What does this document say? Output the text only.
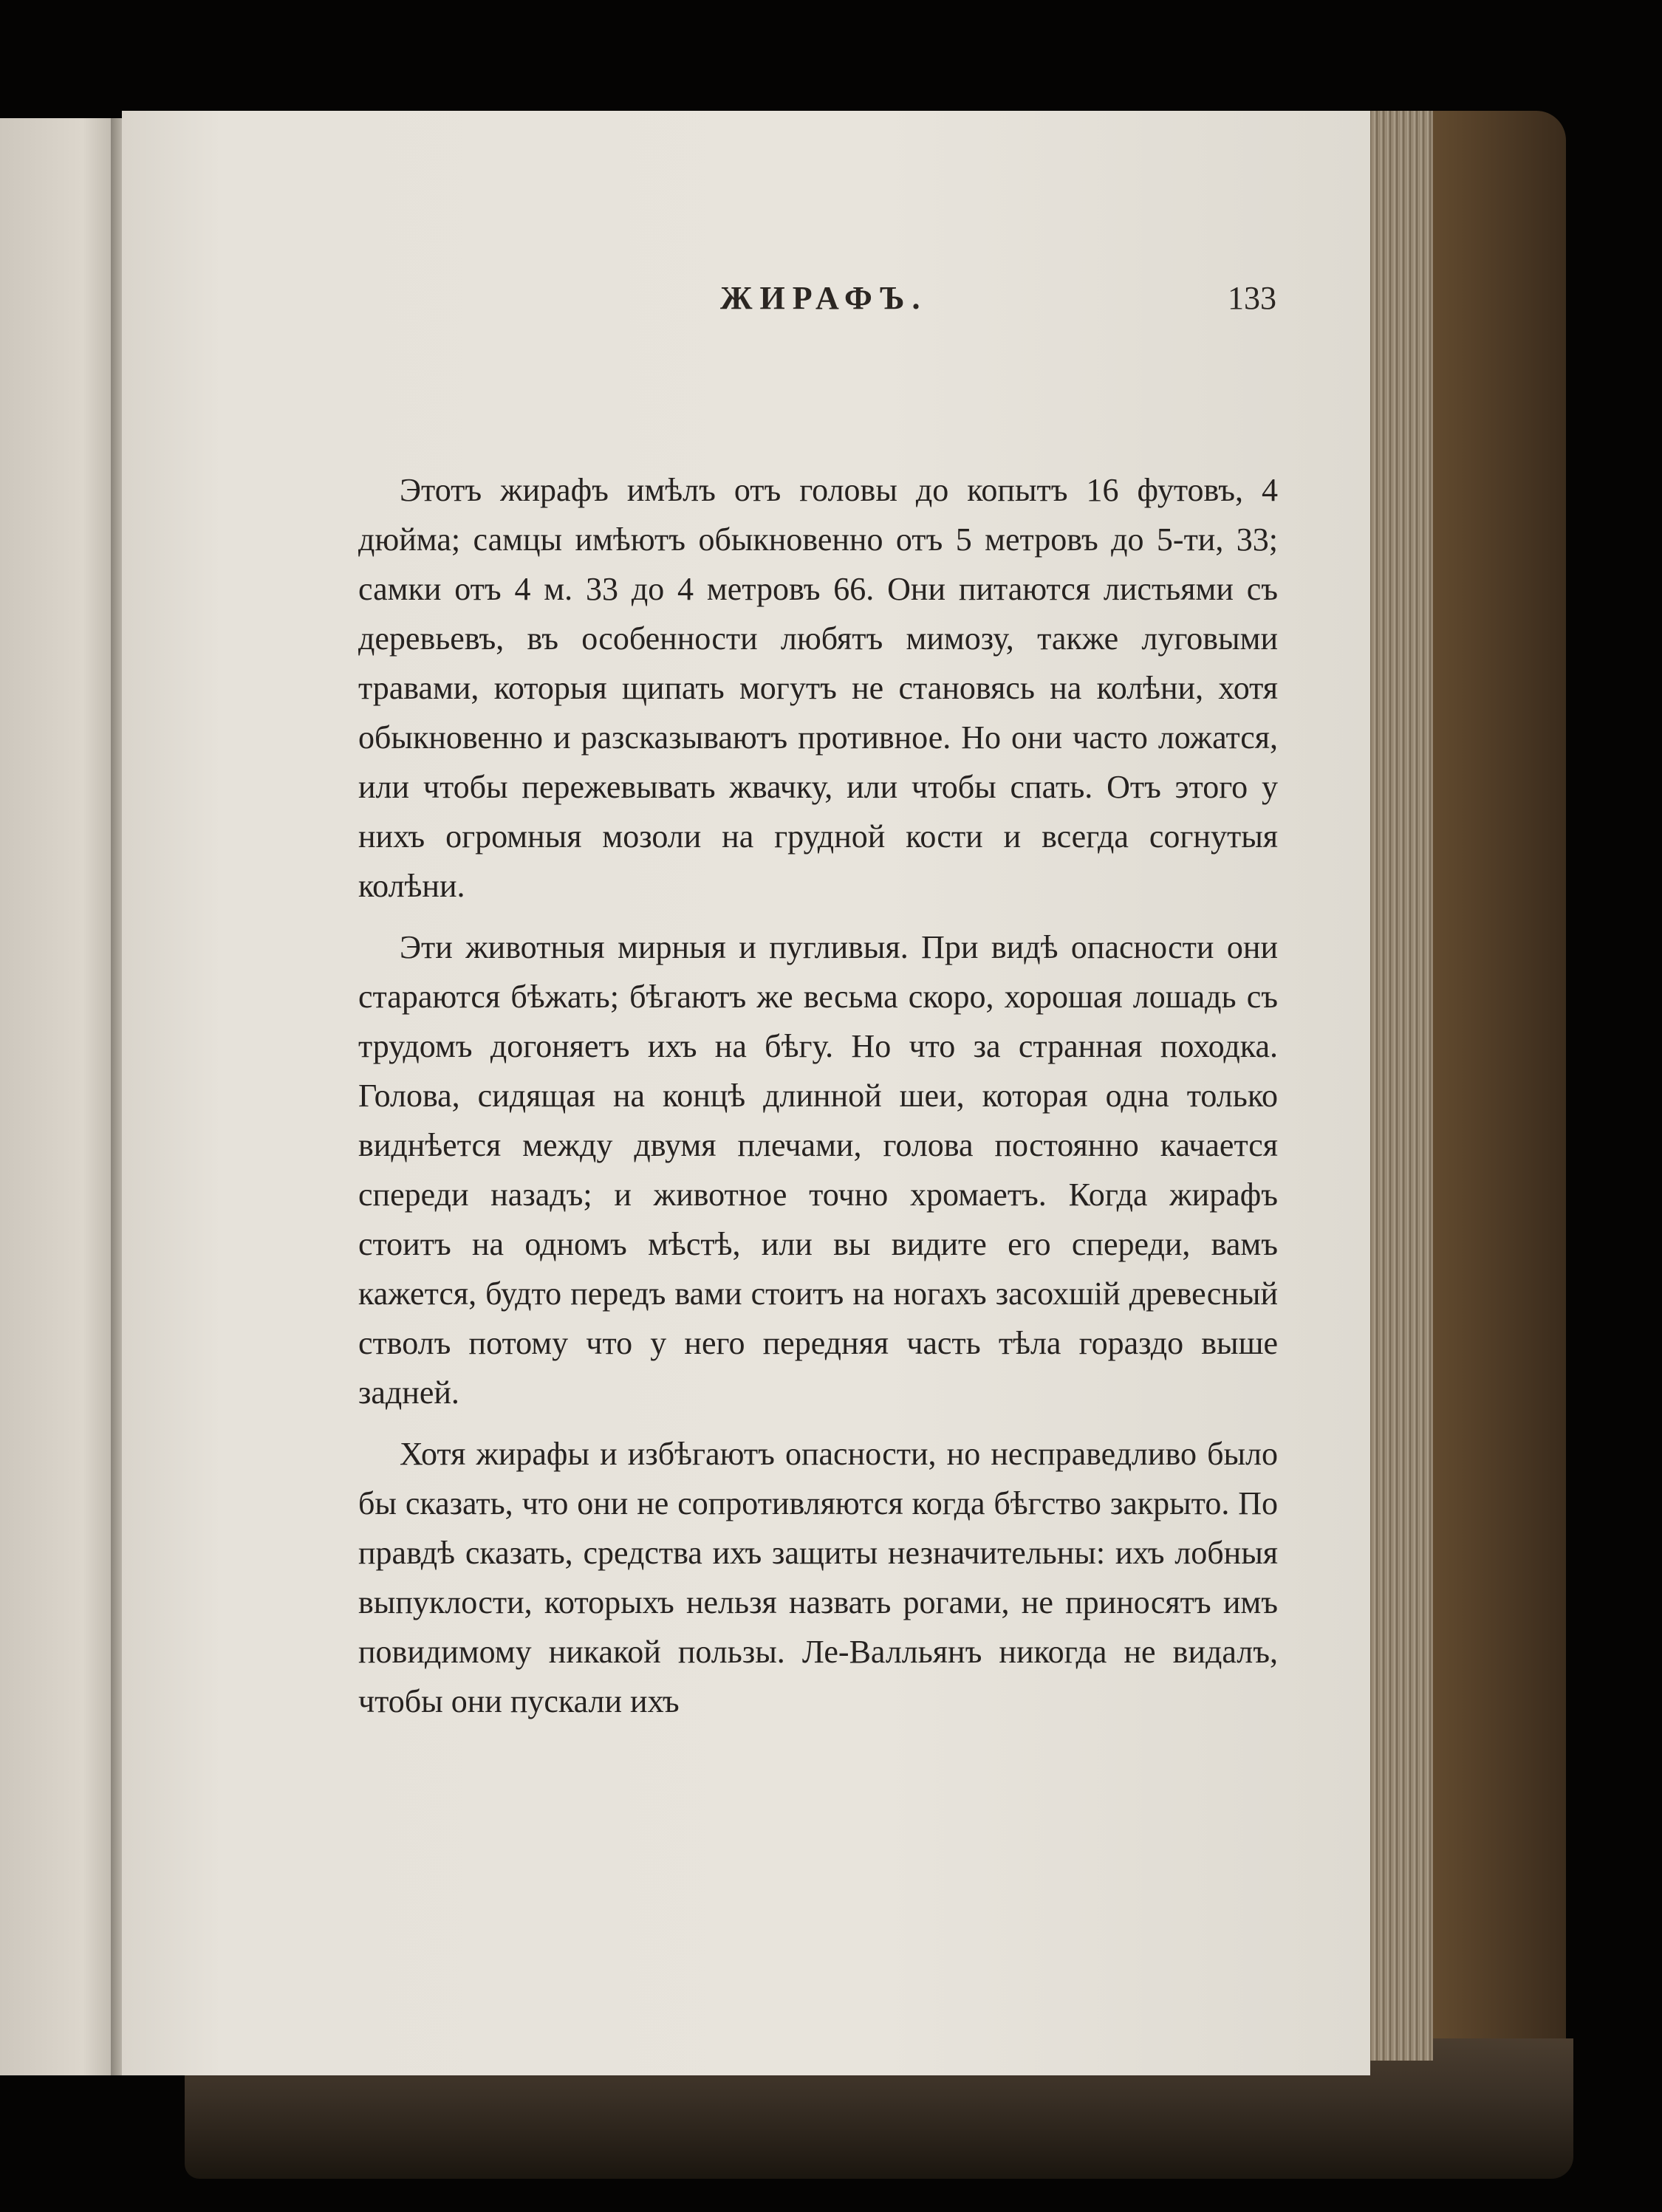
ЖИРАФЪ.	133

Этотъ жирафъ имѣлъ отъ головы до копытъ 16 футовъ, 4 дюйма; самцы имѣютъ обыкновенно отъ 5 метровъ до 5-ти, 33; самки отъ 4 м. 33 до 4 метровъ 66. Они питаются листьями съ деревьевъ, въ особенности любятъ мимозу, также луговыми травами, которыя щипать могутъ не становясь на колѣни, хотя обыкновенно и разсказываютъ противное. Но они часто ложатся, или чтобы пережевывать жвачку, или чтобы спать. Отъ этого у нихъ огромныя мозоли на грудной кости и всегда согнутыя колѣни.

Эти животныя мирныя и пугливыя. При видѣ опасности они стараются бѣжать; бѣгаютъ же весьма скоро, хорошая лошадь съ трудомъ догоняетъ ихъ на бѣгу. Но что за странная походка. Голова, сидящая на концѣ длинной шеи, которая одна только виднѣется между двумя плечами, голова постоянно качается спереди назадъ; и животное точно хромаетъ. Когда жирафъ стоитъ на одномъ мѣстѣ, или вы видите его спереди, вамъ кажется, будто передъ вами стоитъ на ногахъ засохшій древесный стволъ потому что у него передняя часть тѣла гораздо выше задней.

Хотя жирафы и избѣгаютъ опасности, но несправедливо было бы сказать, что они не сопротивляются когда бѣгство закрыто. По правдѣ сказать, средства ихъ защиты незначительны: ихъ лобныя выпуклости, которыхъ нельзя назвать рогами, не приносятъ имъ повидимому никакой пользы. Ле-Валльянъ никогда не видалъ, чтобы они пускали ихъ
